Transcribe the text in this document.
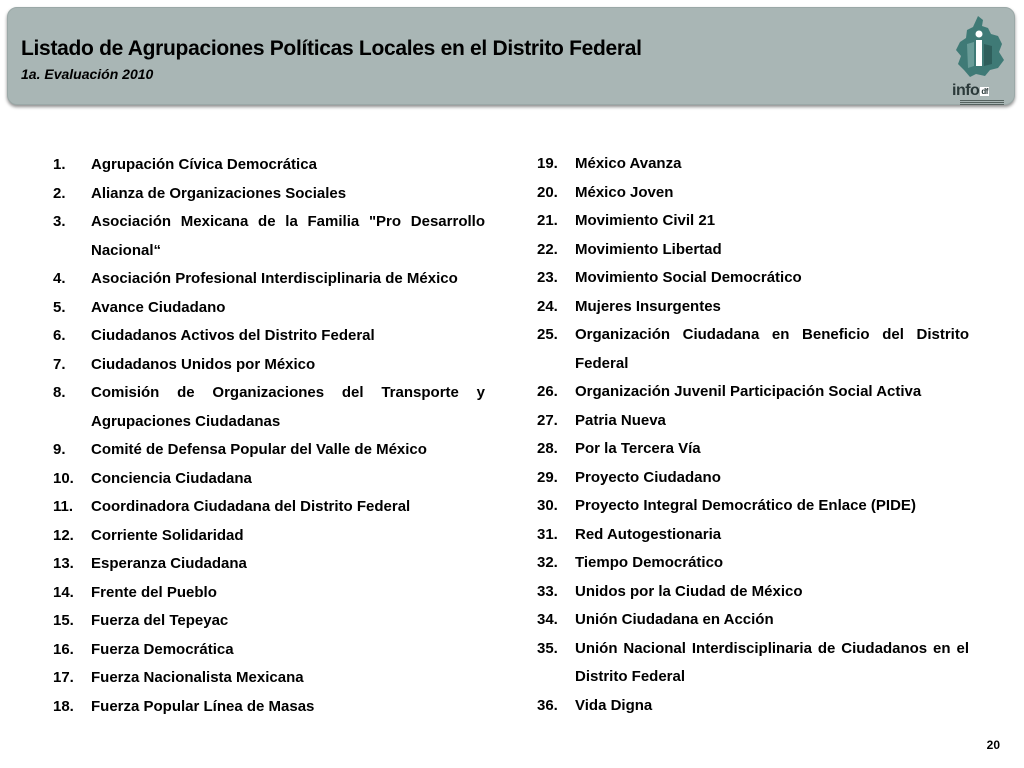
Listado de Agrupaciones Políticas Locales en el Distrito Federal
1a. Evaluación 2010
info df
1. Agrupación Cívica Democrática
2. Alianza de Organizaciones Sociales
3. Asociación Mexicana de la Familia "Pro Desarrollo Nacional“
4. Asociación Profesional Interdisciplinaria de México
5. Avance Ciudadano
6. Ciudadanos Activos del Distrito Federal
7. Ciudadanos Unidos por México
8. Comisión de Organizaciones del Transporte y Agrupaciones Ciudadanas
9. Comité de Defensa Popular del Valle de México
10. Conciencia Ciudadana
11. Coordinadora Ciudadana del Distrito Federal
12. Corriente Solidaridad
13. Esperanza Ciudadana
14. Frente del Pueblo
15. Fuerza del Tepeyac
16. Fuerza Democrática
17. Fuerza Nacionalista Mexicana
18. Fuerza Popular Línea de Masas
19. México Avanza
20. México Joven
21. Movimiento Civil 21
22. Movimiento Libertad
23. Movimiento Social Democrático
24. Mujeres Insurgentes
25. Organización Ciudadana en Beneficio del Distrito Federal
26. Organización Juvenil Participación Social Activa
27. Patria Nueva
28. Por la Tercera Vía
29. Proyecto Ciudadano
30. Proyecto Integral Democrático de Enlace (PIDE)
31. Red Autogestionaria
32. Tiempo Democrático
33. Unidos por la Ciudad de México
34. Unión Ciudadana en Acción
35. Unión Nacional Interdisciplinaria de Ciudadanos en el Distrito Federal
36. Vida Digna
20
